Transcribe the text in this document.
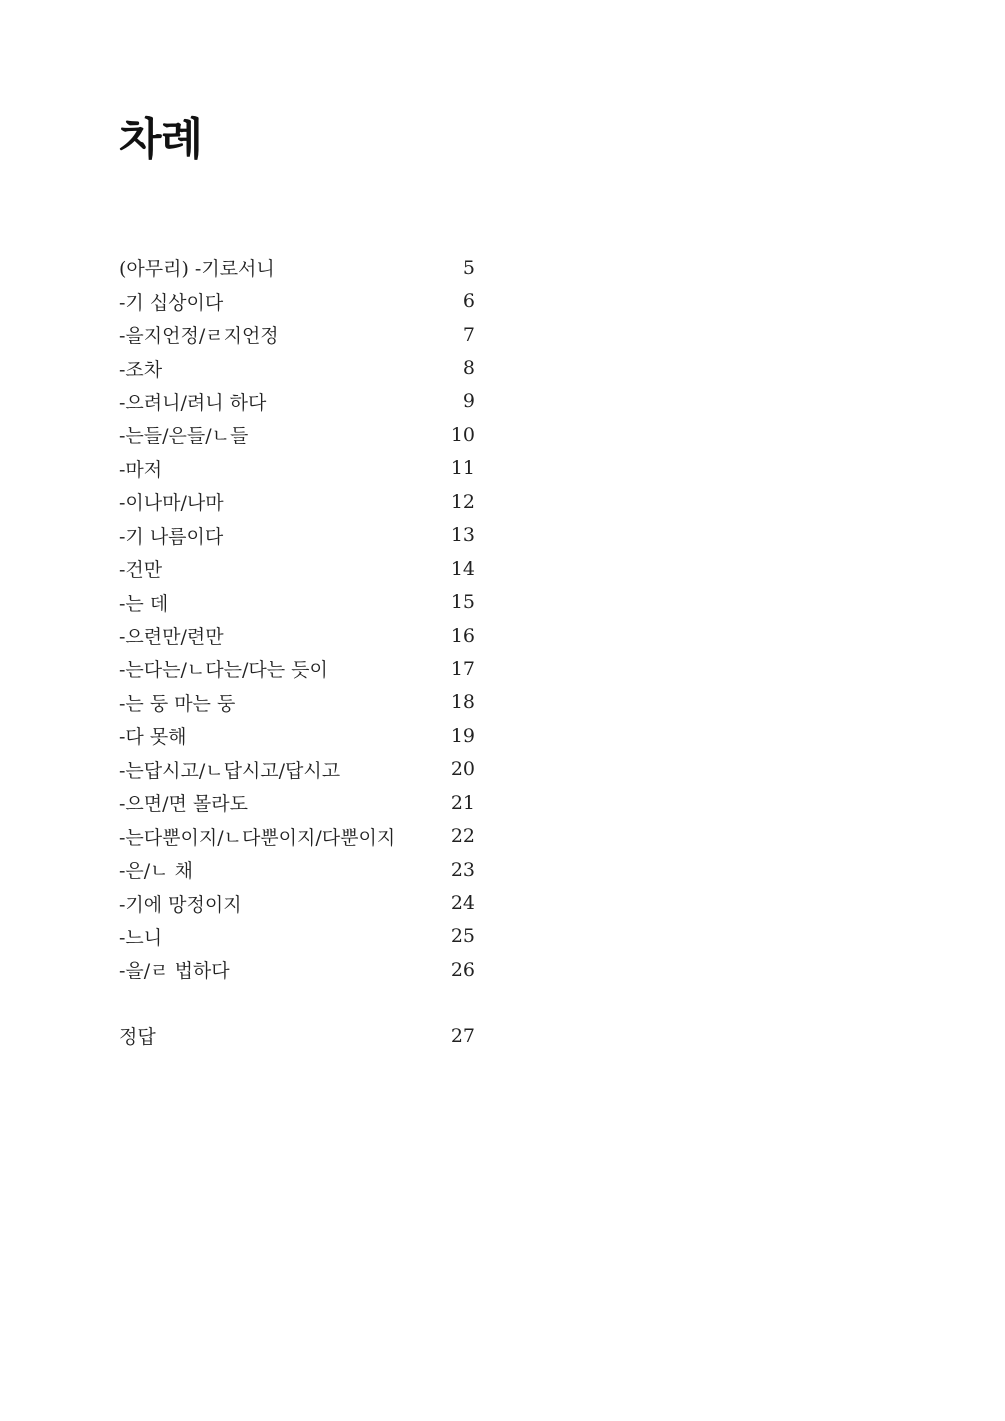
차례
(아무리) -기로서니	5
-기 십상이다	6
-을지언정/ㄹ지언정	7
-조차	8
-으려니/려니 하다	9
-는들/은들/ㄴ들	10
-마저	11
-이나마/나마	12
-기 나름이다	13
-건만	14
-는 데	15
-으련만/련만	16
-는다는/ㄴ다는/다는 듯이	17
-는 둥 마는 둥	18
-다 못해	19
-는답시고/ㄴ답시고/답시고	20
-으면/면 몰라도	21
-는다뿐이지/ㄴ다뿐이지/다뿐이지	22
-은/ㄴ 채	23
-기에 망정이지	24
-느니	25
-을/ㄹ 법하다	26
정답	27
